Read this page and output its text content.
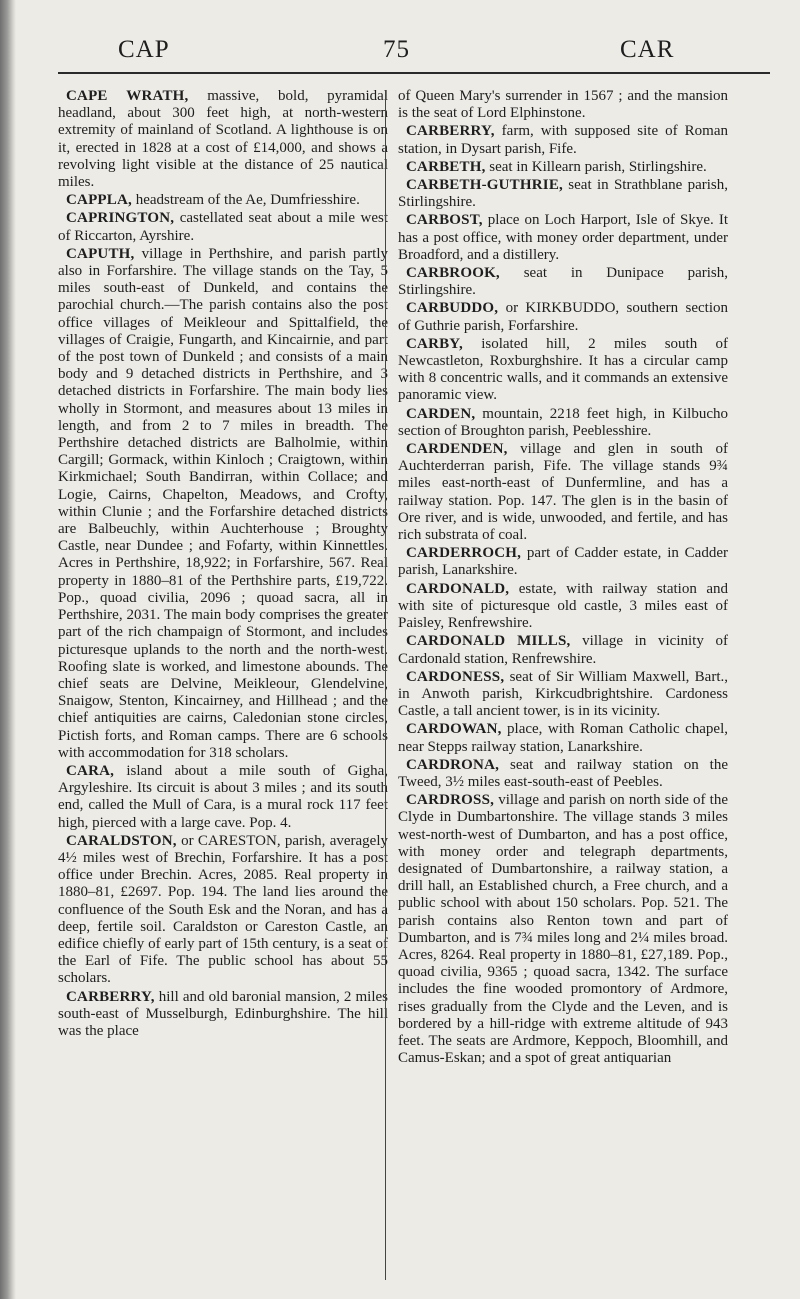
CAP	75	CAR

CAPE WRATH, massive, bold, pyramidal headland, about 300 feet high, at north-western extremity of mainland of Scotland. A lighthouse is on it, erected in 1828 at a cost of £14,000, and shows a revolving light visible at the distance of 25 nautical miles.

CAPPLA, headstream of the Ae, Dumfriesshire.

CAPRINGTON, castellated seat about a mile west of Riccarton, Ayrshire.

CAPUTH, village in Perthshire, and parish partly also in Forfarshire. The village stands on the Tay, 5 miles south-east of Dunkeld, and contains the parochial church.—The parish contains also the post office villages of Meikleour and Spittalfield, the villages of Craigie, Fungarth, and Kincairnie, and part of the post town of Dunkeld ; and consists of a main body and 9 detached districts in Perthshire, and 3 detached districts in Forfarshire. The main body lies wholly in Stormont, and measures about 13 miles in length, and from 2 to 7 miles in breadth. The Perthshire detached districts are Balholmie, within Cargill; Gormack, within Kinloch ; Craigtown, within Kirkmichael; South Bandirran, within Collace; and Logie, Cairns, Chapelton, Meadows, and Crofty, within Clunie ; and the Forfarshire detached districts are Balbeuchly, within Auchterhouse ; Broughty Castle, near Dundee ; and Fofarty, within Kinnettles. Acres in Perthshire, 18,922; in Forfarshire, 567. Real property in 1880–81 of the Perthshire parts, £19,722. Pop., quoad civilia, 2096 ; quoad sacra, all in Perthshire, 2031. The main body comprises the greater part of the rich champaign of Stormont, and includes picturesque uplands to the north and the north-west. Roofing slate is worked, and limestone abounds. The chief seats are Delvine, Meikleour, Glendelvine, Snaigow, Stenton, Kincairney, and Hillhead ; and the chief antiquities are cairns, Caledonian stone circles, Pictish forts, and Roman camps. There are 6 schools with accommodation for 318 scholars.

CARA, island about a mile south of Gigha, Argyleshire. Its circuit is about 3 miles ; and its south end, called the Mull of Cara, is a mural rock 117 feet high, pierced with a large cave. Pop. 4.

CARALDSTON, or CARESTON, parish, averagely 4½ miles west of Brechin, Forfarshire. It has a post office under Brechin. Acres, 2085. Real property in 1880–81, £2697. Pop. 194. The land lies around the confluence of the South Esk and the Noran, and has a deep, fertile soil. Caraldston or Careston Castle, an edifice chiefly of early part of 15th century, is a seat of the Earl of Fife. The public school has about 55 scholars.

CARBERRY, hill and old baronial mansion, 2 miles south-east of Musselburgh, Edinburghshire. The hill was the place

of Queen Mary's surrender in 1567 ; and the mansion is the seat of Lord Elphinstone.

CARBERRY, farm, with supposed site of Roman station, in Dysart parish, Fife.

CARBETH, seat in Killearn parish, Stirlingshire.

CARBETH-GUTHRIE, seat in Strathblane parish, Stirlingshire.

CARBOST, place on Loch Harport, Isle of Skye. It has a post office, with money order department, under Broadford, and a distillery.

CARBROOK, seat in Dunipace parish, Stirlingshire.

CARBUDDO, or KIRKBUDDO, southern section of Guthrie parish, Forfarshire.

CARBY, isolated hill, 2 miles south of Newcastleton, Roxburghshire. It has a circular camp with 8 concentric walls, and it commands an extensive panoramic view.

CARDEN, mountain, 2218 feet high, in Kilbucho section of Broughton parish, Peeblesshire.

CARDENDEN, village and glen in south of Auchterderran parish, Fife. The village stands 9¾ miles east-north-east of Dunfermline, and has a railway station. Pop. 147. The glen is in the basin of Ore river, and is wide, unwooded, and fertile, and has rich substrata of coal.

CARDERROCH, part of Cadder estate, in Cadder parish, Lanarkshire.

CARDONALD, estate, with railway station and with site of picturesque old castle, 3 miles east of Paisley, Renfrewshire.

CARDONALD MILLS, village in vicinity of Cardonald station, Renfrewshire.

CARDONESS, seat of Sir William Maxwell, Bart., in Anwoth parish, Kirkcudbrightshire. Cardoness Castle, a tall ancient tower, is in its vicinity.

CARDOWAN, place, with Roman Catholic chapel, near Stepps railway station, Lanarkshire.

CARDRONA, seat and railway station on the Tweed, 3½ miles east-south-east of Peebles.

CARDROSS, village and parish on north side of the Clyde in Dumbartonshire. The village stands 3 miles west-north-west of Dumbarton, and has a post office, with money order and telegraph departments, designated of Dumbartonshire, a railway station, a drill hall, an Established church, a Free church, and a public school with about 150 scholars. Pop. 521. The parish contains also Renton town and part of Dumbarton, and is 7¾ miles long and 2¼ miles broad. Acres, 8264. Real property in 1880–81, £27,189. Pop., quoad civilia, 9365 ; quoad sacra, 1342. The surface includes the fine wooded promontory of Ardmore, rises gradually from the Clyde and the Leven, and is bordered by a hill-ridge with extreme altitude of 943 feet. The seats are Ardmore, Keppoch, Bloomhill, and Camus-Eskan; and a spot of great antiquarian
